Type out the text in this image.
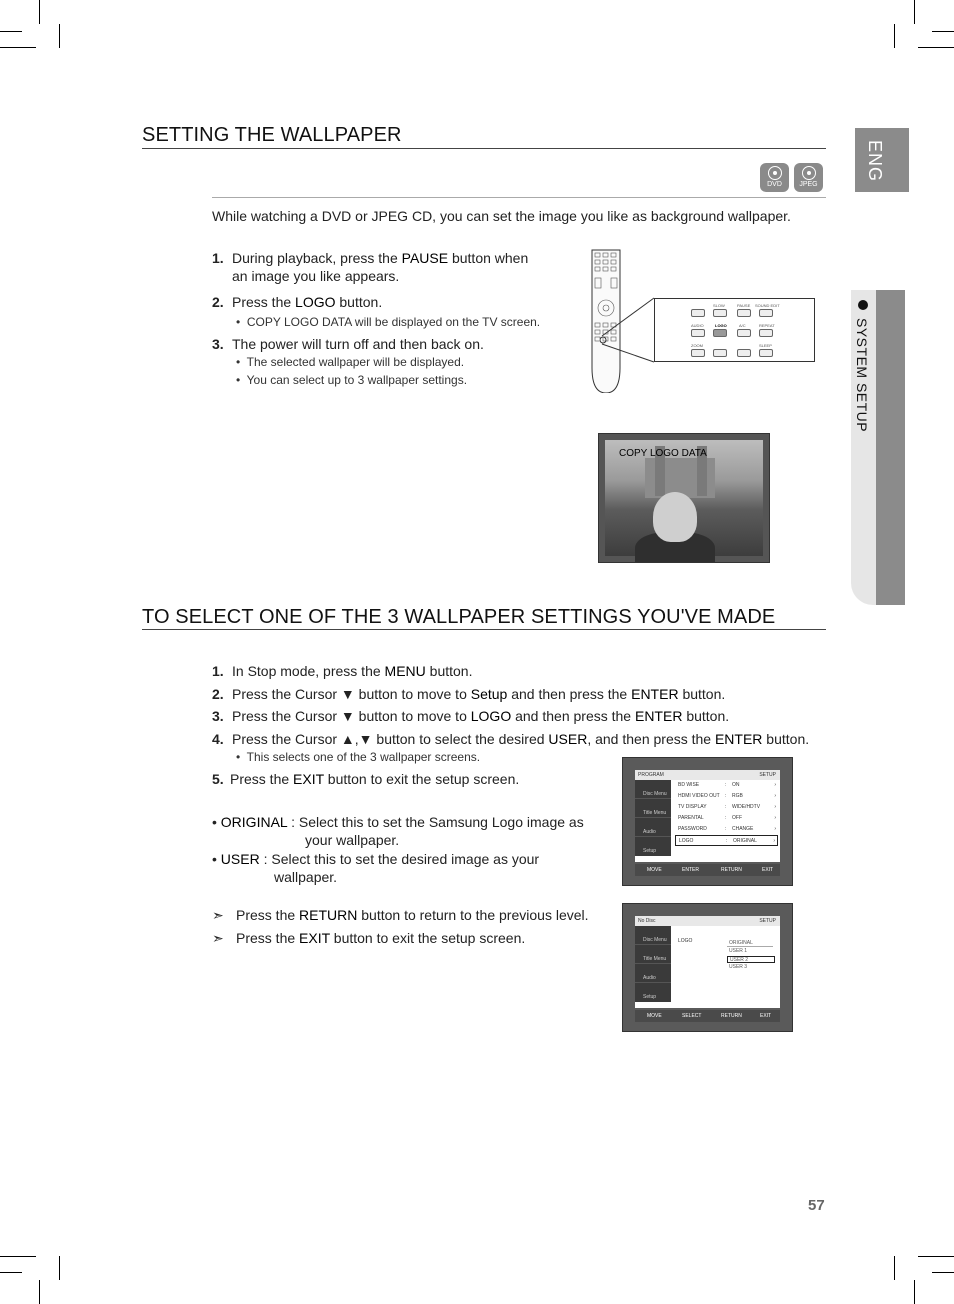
ENG
SYSTEM SETUP
SETTING THE WALLPAPER
DVD	JPEG
While watching a DVD or JPEG CD, you can set the image you like as background wallpaper.
1. During playback, press the PAUSE button when
an image you like appears.
2. Press the LOGO button.
•  COPY LOGO DATA will be displayed on the TV screen.
3. The power will turn off and then back on.
•  The selected wallpaper will be displayed.
•  You can select up to 3 wallpaper settings.
SLOW	PAUSE SOUND EDIT
AUDIO	LOGO	A/C	REPEAT
ZOOM	SLEEP
COPY LOGO DATA
TO SELECT ONE OF THE 3 WALLPAPER SETTINGS YOU'VE MADE
1. In Stop mode, press the MENU button.
2. Press the Cursor ▼ button to move to Setup and then press the ENTER button.
3. Press the Cursor ▼ button to move to LOGO and then press the ENTER button.
4. Press the Cursor ▲,▼ button to select the desired USER, and then press the ENTER button.
•  This selects one of the 3 wallpaper screens.
5. Press the EXIT button to exit the setup screen.
• ORIGINAL : Select this to set the Samsung Logo image as
your wallpaper.
• USER : Select this to set the desired image as your
wallpaper.
➣ Press the RETURN button to return to the previous level.
➣ Press the EXIT button to exit the setup screen.
PROGRAM	SETUP
Disc Menu
Title Menu
Audio
Setup
BD WISE	: ON	›
HDMI VIDEO OUT : RGB	›
TV DISPLAY	: WIDE/HDTV	›
PARENTAL	: OFF	›
PASSWORD	: CHANGE	›
LOGO	: ORIGINAL	›
MOVE	ENTER	RETURN	EXIT
No Disc	SETUP
Disc Menu
Title Menu
Audio
Setup
LOGO	ORIGINAL
USER 1
USER 2
USER 3
MOVE	SELECT	RETURN	EXIT
57
